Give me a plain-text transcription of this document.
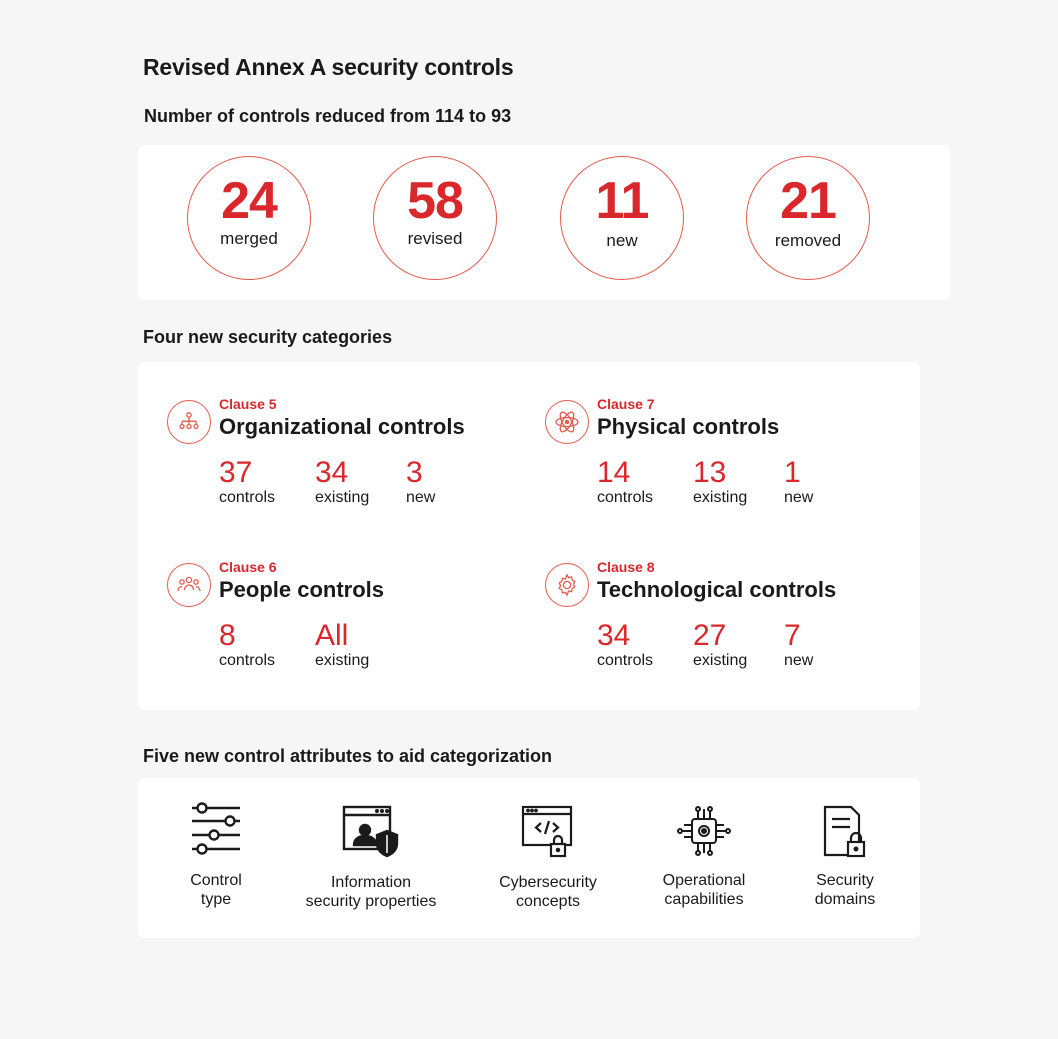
Revised Annex A security controls
Number of controls reduced from 114 to 93
24
merged
58
revised
11
new
21
removed
Four new security categories
Clause 5
Organizational controls
37
controls
34
existing
3
new
Clause 7
Physical controls
14
controls
13
existing
1
new
Clause 6
People controls
8
controls
All
existing
Clause 8
Technological controls
34
controls
27
existing
7
new
Five new control attributes to aid categorization
Control
type
Information
security properties
Cybersecurity
concepts
Operational
capabilities
Security
domains
